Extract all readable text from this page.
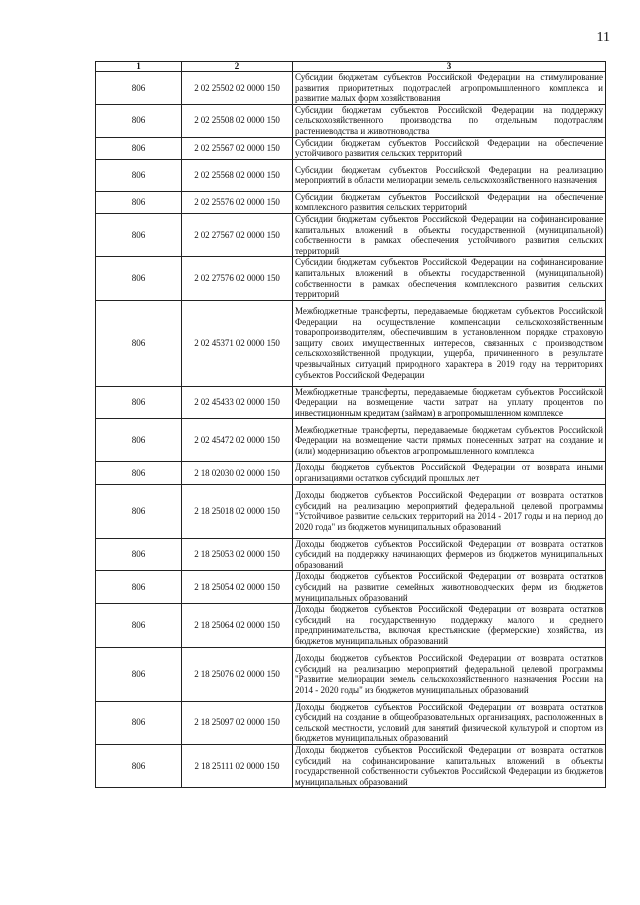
11
1	2	3
806	2 02 25502 02 0000 150	Субсидии бюджетам субъектов Российской Федерации на стимулирование развития приоритетных подотраслей агропромышленного комплекса и развитие малых форм хозяйствования
806	2 02 25508 02 0000 150	Субсидии бюджетам субъектов Российской Федерации на поддержку сельскохозяйственного производства по отдельным подотраслям растениеводства и животноводства
806	2 02 25567 02 0000 150	Субсидии бюджетам субъектов Российской Федерации на обеспечение устойчивого развития сельских территорий
806	2 02 25568 02 0000 150	Субсидии бюджетам субъектов Российской Федерации на реализацию мероприятий в области мелиорации земель сельскохозяйственного назначения
806	2 02 25576 02 0000 150	Субсидии бюджетам субъектов Российской Федерации на обеспечение комплексного развития сельских территорий
806	2 02 27567 02 0000 150	Субсидии бюджетам субъектов Российской Федерации на софинансирование капитальных вложений в объекты государственной (муниципальной) собственности в рамках обеспечения устойчивого развития сельских территорий
806	2 02 27576 02 0000 150	Субсидии бюджетам субъектов Российской Федерации на софинансирование капитальных вложений в объекты государственной (муниципальной) собственности в рамках обеспечения комплексного развития сельских территорий
806	2 02 45371 02 0000 150	Межбюджетные трансферты, передаваемые бюджетам субъектов Российской Федерации на осуществление компенсации сельскохозяйственным товаропроизводителям, обеспечившим в установленном порядке страховую защиту своих имущественных интересов, связанных с производством сельскохозяйственной продукции, ущерба, причиненного в результате чрезвычайных ситуаций природного характера в 2019 году на территориях субъектов Российской Федерации
806	2 02 45433 02 0000 150	Межбюджетные трансферты, передаваемые бюджетам субъектов Российской Федерации на возмещение части затрат на уплату процентов по инвестиционным кредитам (займам) в агропромышленном комплексе
806	2 02 45472 02 0000 150	Межбюджетные трансферты, передаваемые бюджетам субъектов Российской Федерации на возмещение части прямых понесенных затрат на создание и (или) модернизацию объектов агропромышленного комплекса
806	2 18 02030 02 0000 150	Доходы бюджетов субъектов Российской Федерации от возврата иными организациями остатков субсидий прошлых лет
806	2 18 25018 02 0000 150	Доходы бюджетов субъектов Российской Федерации от возврата остатков субсидий на реализацию мероприятий федеральной целевой программы "Устойчивое развитие сельских территорий на 2014 - 2017 годы и на период до 2020 года" из бюджетов муниципальных образований
806	2 18 25053 02 0000 150	Доходы бюджетов субъектов Российской Федерации от возврата остатков субсидий на поддержку начинающих фермеров из бюджетов муниципальных образований
806	2 18 25054 02 0000 150	Доходы бюджетов субъектов Российской Федерации от возврата остатков субсидий на развитие семейных животноводческих ферм из бюджетов муниципальных образований
806	2 18 25064 02 0000 150	Доходы бюджетов субъектов Российской Федерации от возврата остатков субсидий на государственную поддержку малого и среднего предпринимательства, включая крестьянские (фермерские) хозяйства, из бюджетов муниципальных образований
806	2 18 25076 02 0000 150	Доходы бюджетов субъектов Российской Федерации от возврата остатков субсидий на реализацию мероприятий федеральной целевой программы "Развитие мелиорации земель сельскохозяйственного назначения России на 2014 - 2020 годы" из бюджетов муниципальных образований
806	2 18 25097 02 0000 150	Доходы бюджетов субъектов Российской Федерации от возврата остатков субсидий на создание в общеобразовательных организациях, расположенных в сельской местности, условий для занятий физической культурой и спортом из бюджетов муниципальных образований
806	2 18 25111 02 0000 150	Доходы бюджетов субъектов Российской Федерации от возврата остатков субсидий на софинансирование капитальных вложений в объекты государственной собственности субъектов Российской Федерации из бюджетов муниципальных образований
